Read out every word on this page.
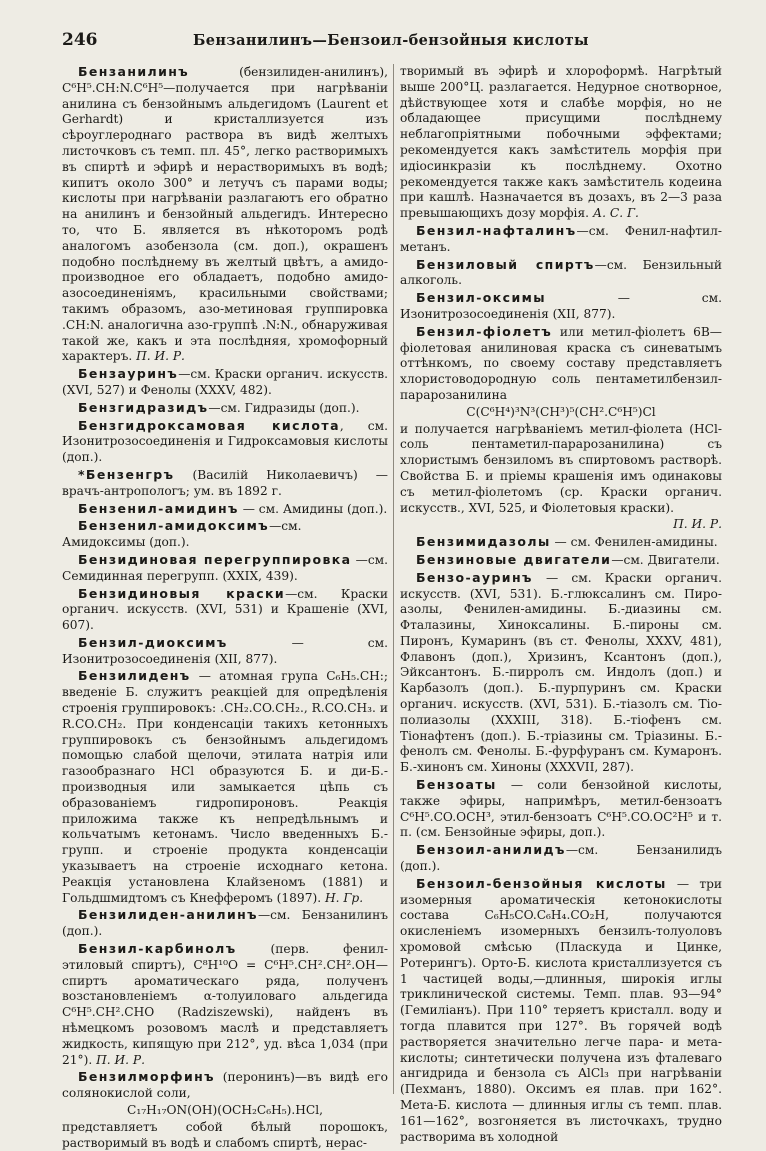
246	Бензанилинъ—Бензоил-бензойныя кислоты

Бензанилинъ (бензилиден-анилинъ), C⁶H⁵.CH:N.C⁶H⁵—получается при нагрѣваніи анилина съ бензойнымъ альдегидомъ (Laurent et Gerhardt) и кристаллизуется изъ сѣроуглероднаго раствора въ видѣ желтыхъ листочковъ съ темп. пл. 45°, легко растворимыхъ въ спиртѣ и эфирѣ и нерастворимыхъ въ водѣ; кипитъ около 300° и летучъ съ парами воды; кислоты при нагрѣваніи разлагаютъ его обратно на анилинъ и бензойный альдегидъ. Интересно то, что Б. является въ нѣкоторомъ родѣ аналогомъ азобензола (см. доп.), окрашенъ подобно послѣднему въ желтый цвѣтъ, а амидо-производное его обладаетъ, подобно амидо-азосоединеніямъ, красильными свойствами; такимъ образомъ, азо-метиновая группировка .CH:N. аналогична азо-группѣ .N:N., обнаруживая такой же, какъ и эта послѣдняя, хромофорный характеръ. П. И. Р.

Бензауринъ—см. Краски органич. искусств. (XVI, 527) и Фенолы (XXXV, 482).

Бензгидразидъ—см. Гидразиды (доп.).

Бензгидроксамовая кислота, см. Изонитрозосоединенія и Гидроксамовыя кислоты (доп.).

*Бензенгръ (Василій Николаевичъ) — врачъ-антропологъ; ум. въ 1892 г.

Бензенил-амидинъ — см. Амидины (доп.).

Бензенил-амидоксимъ—см. Амидоксимы (доп.).

Бензидиновая перегруппировка —см. Семидинная перегрупп. (XXIX, 439).

Бензидиновыя краски—см. Краски органич. искусств. (XVI, 531) и Крашеніе (XVI, 607).

Бензил-диоксимъ — см. Изонитрозосоединенія (XII, 877).

Бензилиденъ — атомная група C₆H₅.CH:; введеніе Б. служитъ реакціей для опредѣленія строенія группировокъ: .CH₂.CO.CH₂., R.CO.CH₃. и R.CO.CH₂. При конденсаціи такихъ кетонныхъ группировокъ съ бензойнымъ альдегидомъ помощью слабой щелочи, этилата натрія или газообразнаго HCl образуются Б. и ди-Б.-производныя или замыкается цѣпь съ образованіемъ гидропироновъ. Реакція приложима также къ непредѣльнымъ и кольчатымъ кетонамъ. Число введенныхъ Б.-групп. и строеніе продукта конденсаціи указываетъ на строеніе исходнаго кетона. Реакція установлена Клайзеномъ (1881) и Гольдшмидтомъ съ Кнефферомъ (1897). Н. Гр.

Бензилиден-анилинъ—см. Бензанилинъ (доп.).

Бензил-карбинолъ (перв. фенил-этиловый спиртъ), C⁸H¹⁰O = C⁶H⁵.CH².CH².OH—спиртъ ароматическаго ряда, полученъ возстановленіемъ α-толуиловаго альдегида C⁶H⁵.CH².CHO (Radziszewski), найденъ въ нѣмецкомъ розовомъ маслѣ и представляетъ жидкость, кипящую при 212°, уд. вѣса 1,034 (при 21°). П. И. Р.

Бензилморфинъ (перонинъ)—въ видѣ его солянокислой соли,

C₁₇H₁₇ON(OH)(OCH₂C₆H₅).HCl,

представляетъ собой бѣлый порошокъ, растворимый въ водѣ и слабомъ спиртѣ, нерас-

творимый въ эфирѣ и хлороформѣ. Нагрѣтый выше 200°Ц. разлагается. Недурное снотворное, дѣйствующее хотя и слабѣе морфія, но не обладающее присущими послѣднему неблагопріятными побочными эффектами; рекомендуется какъ замѣститель морфія при идіосинкразіи къ послѣднему. Охотно рекомендуется также какъ замѣститель кодеина при кашлѣ. Назначается въ дозахъ, въ 2—3 раза превышающихъ дозу морфія. А. С. Г.

Бензил-нафталинъ—см. Фенил-нафтил-метанъ.

Бензиловый спиртъ—см. Бензильный алкоголь.

Бензил-оксимы — см. Изонитрозосоединенія (XII, 877).

Бензил-фіолетъ или метил-фіолетъ 6B—фіолетовая анилиновая краска съ синеватымъ оттѣнкомъ, по своему составу представляетъ хлористоводородную соль пентаметилбензил-парарозанилина

C(C⁶H⁴)³N³(CH³)⁵(CH².C⁶H⁵)Cl

и получается нагрѣваніемъ метил-фіолета (HCl-соль пентаметил-парарозанилина) съ хлористымъ бензиломъ въ спиртовомъ растворѣ. Свойства Б. и пріемы крашенія имъ одинаковы съ метил-фіолетомъ (ср. Краски органич. искусств., XVI, 525, и Фіолетовыя краски).

П. И. Р.

Бензимидазолы — см. Фенилен-амидины.

Бензиновые двигатели—см. Двигатели.

Бензо-ауринъ — см. Краски органич. искусств. (XVI, 531). Б.-глюксалинъ см. Пиро-азолы, Фенилен-амидины. Б.-диазины см. Фталазины, Хиноксалины. Б.-пироны см. Пиронъ, Кумаринъ (въ ст. Фенолы, XXXV, 481), Флавонъ (доп.), Хризинъ, Ксантонъ (доп.), Эйксантонъ. Б.-пирролъ см. Индолъ (доп.) и Карбазолъ (доп.). Б.-пурпуринъ см. Краски органич. искусств. (XVI, 531). Б.-тіазолъ см. Тіо-полиазолы (XXXIII, 318). Б.-тіофенъ см. Тіонафтенъ (доп.). Б.-тріазины см. Тріазины. Б.-фенолъ см. Фенолы. Б.-фурфуранъ см. Кумаронъ. Б.-хинонъ см. Хиноны (XXXVII, 287).

Бензоаты — соли бензойной кислоты, также эфиры, напримѣръ, метил-бензоатъ C⁶H⁵.CO.OCH³, этил-бензоатъ C⁶H⁵.CO.OC²H⁵ и т. п. (см. Бензойные эфиры, доп.).

Бензоил-анилидъ—см. Бензанилидъ (доп.).

Бензоил-бензойныя кислоты — три изомерныя ароматическія кетонокислоты состава C₆H₅CO.C₆H₄.CO₂H, получаются окисленіемъ изомерныхъ бензилъ-толуоловъ хромовой смѣсью (Пласкуда и Цинке, Ротерингъ). Орто-Б. кислота кристаллизуется съ 1 частицей воды,—длинныя, широкія иглы триклинической системы. Темп. плав. 93—94° (Гемиліанъ). При 110° теряетъ кристалл. воду и тогда плавится при 127°. Въ горячей водѣ растворяется значительно легче пара- и мета-кислоты; синтетически получена изъ фталеваго ангидрида и бензола съ AlCl₃ при нагрѣваніи (Пехманъ, 1880). Оксимъ ея плав. при 162°. Мета-Б. кислота — длинныя иглы съ темп. плав. 161—162°, возгоняется въ листочкахъ, трудно растворима въ холодной
